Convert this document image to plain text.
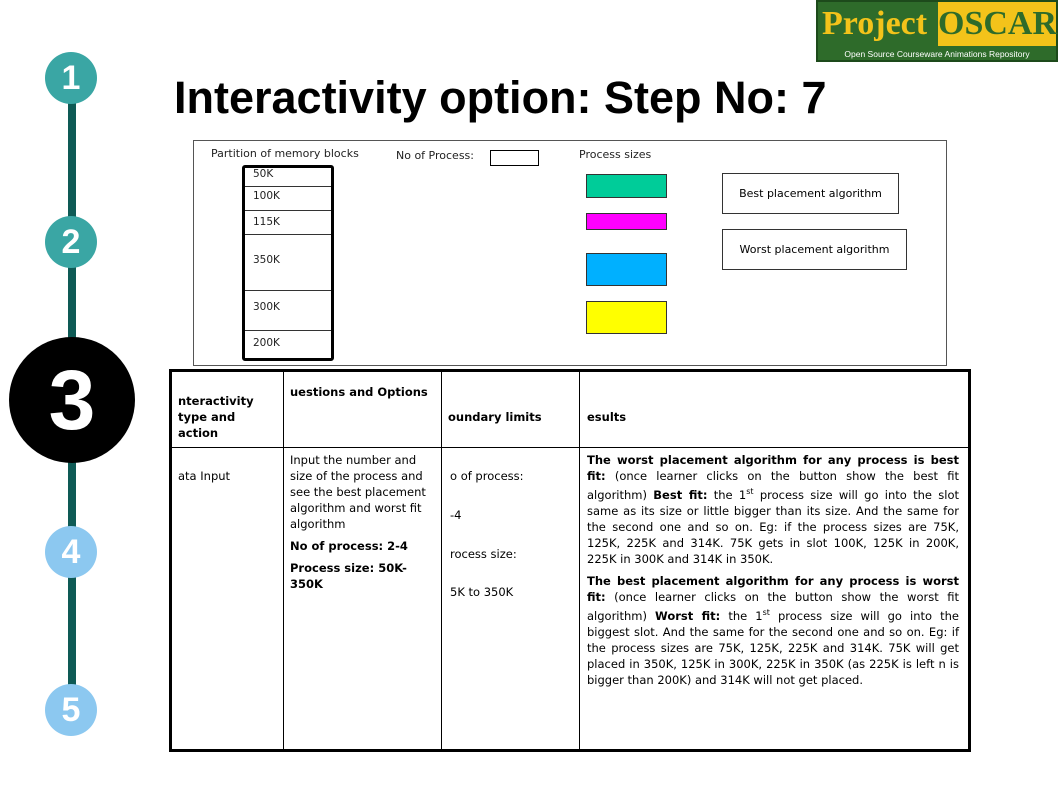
1
2
3
4
5
Project OSCAR
Open Source Courseware Animations Repository
Interactivity option: Step No: 7
Partition of memory blocks
50K
100K
115K
350K
300K
200K
No of Process:	Process sizes
Best placement algorithm
Worst placement algorithm
nteractivity type and action
uestions and Options
oundary limits	esults
ata Input

Input the number and size of the process and see the best placement algorithm and worst fit algorithm

No of process: 2-4

Process size: 50K-350K

o of process:
-4
rocess size:
5K to 350K

The worst placement algorithm for any process is best fit: (once learner clicks on the button show the best fit algorithm) Best fit: the 1st process size will go into the slot same as its size or little bigger than its size. And the same for the second one and so on. Eg: if the process sizes are 75K, 125K, 225K and 314K. 75K gets in slot 100K, 125K in 200K, 225K in 300K and 314K in 350K.

The best placement algorithm for any process is worst fit: (once learner clicks on the button show the worst fit algorithm) Worst fit: the 1st process size will go into the biggest slot. And the same for the second one and so on. Eg: if the process sizes are 75K, 125K, 225K and 314K. 75K will get placed in 350K, 125K in 300K, 225K in 350K (as 225K is left n is bigger than 200K) and 314K will not get placed.
